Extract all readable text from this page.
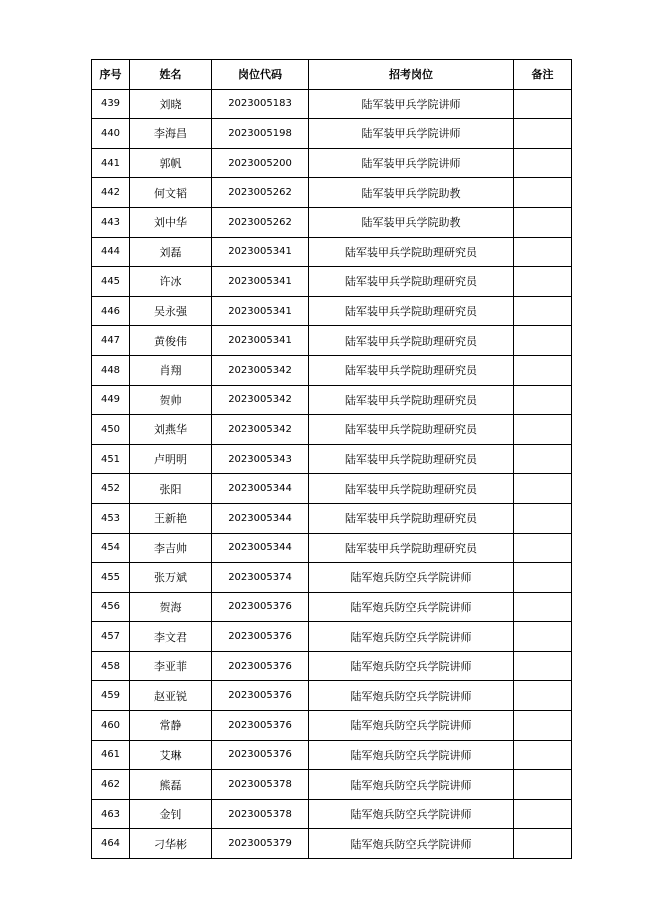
序号	姓名	岗位代码	招考岗位	备注
439	刘晓	2023005183	陆军装甲兵学院讲师	
440	李海昌	2023005198	陆军装甲兵学院讲师	
441	郭帆	2023005200	陆军装甲兵学院讲师	
442	何文韬	2023005262	陆军装甲兵学院助教	
443	刘中华	2023005262	陆军装甲兵学院助教	
444	刘磊	2023005341	陆军装甲兵学院助理研究员	
445	许冰	2023005341	陆军装甲兵学院助理研究员	
446	吴永强	2023005341	陆军装甲兵学院助理研究员	
447	黄俊伟	2023005341	陆军装甲兵学院助理研究员	
448	肖翔	2023005342	陆军装甲兵学院助理研究员	
449	贺帅	2023005342	陆军装甲兵学院助理研究员	
450	刘燕华	2023005342	陆军装甲兵学院助理研究员	
451	卢明明	2023005343	陆军装甲兵学院助理研究员	
452	张阳	2023005344	陆军装甲兵学院助理研究员	
453	王新艳	2023005344	陆军装甲兵学院助理研究员	
454	李吉帅	2023005344	陆军装甲兵学院助理研究员	
455	张万斌	2023005374	陆军炮兵防空兵学院讲师	
456	贺海	2023005376	陆军炮兵防空兵学院讲师	
457	李文君	2023005376	陆军炮兵防空兵学院讲师	
458	李亚菲	2023005376	陆军炮兵防空兵学院讲师	
459	赵亚锐	2023005376	陆军炮兵防空兵学院讲师	
460	常静	2023005376	陆军炮兵防空兵学院讲师	
461	艾琳	2023005376	陆军炮兵防空兵学院讲师	
462	熊磊	2023005378	陆军炮兵防空兵学院讲师	
463	金钊	2023005378	陆军炮兵防空兵学院讲师	
464	刁华彬	2023005379	陆军炮兵防空兵学院讲师	
